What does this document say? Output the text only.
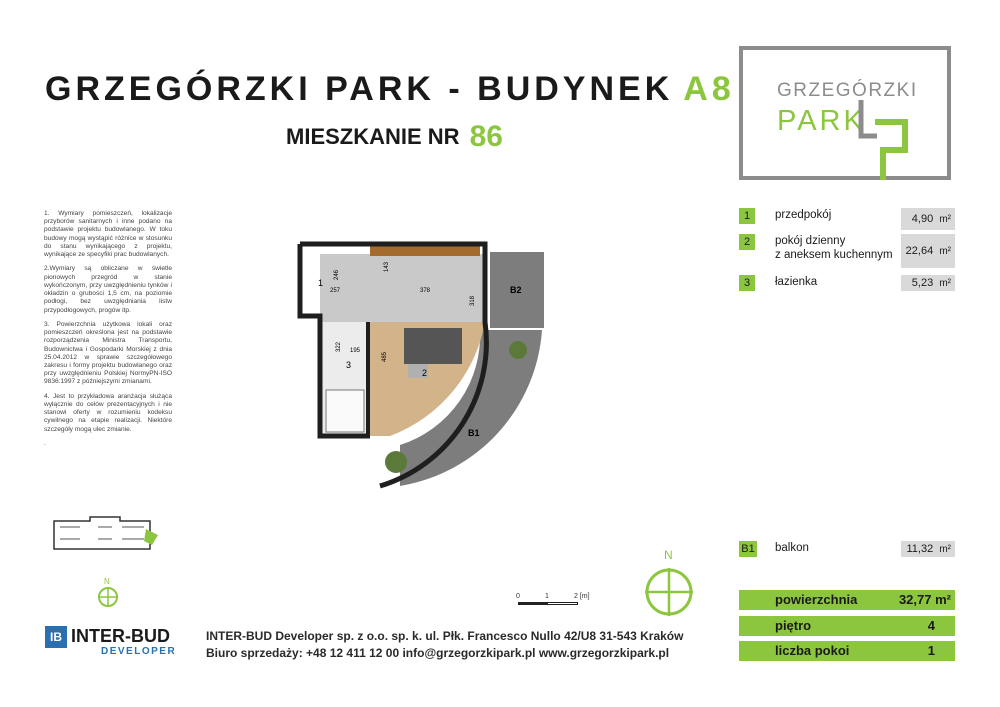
GRZEGÓRZKI PARK - BUDYNEK A8
MIESZKANIE NR 86
GRZEGÓRZKI
PARK

1. Wymiary pomieszczeń, lokalizacje przyborów sanitarnych i inne podano na podstawie projektu budowlanego. W toku budowy mogą wystąpić różnice w stosunku do stanu wynikającego z projektu, wynikające ze specyfiki prac budowlanych.

2.Wymiary są obliczane w świetle pionowych przegród w stanie wykończonym, przy uwzględnieniu tynków i okładzin o grubości 1,5 cm, na poziomie podłogi, bez uwzględniania listw przypodłogowych, progów itp.

3. Powierzchnia użytkowa lokali oraz pomieszczeń określona jest na podstawie rozporządzenia Ministra Transportu, Budownictwa i Gospodarki Morskiej z dnia 25.04.2012 w sprawie szczegółowego zakresu i formy projektu budowlanego oraz przy uwzględnieniu Polskiej NormyPN-ISO 9836:1997 z późniejszymi zmianami.

4. Jest to przykładowa aranżacja służąca wyłącznie do celów prezentacyjnych i nie stanowi oferty w rozumieniu kodeksu cywilnego na etapie realizacji. Niektóre szczegóły mogą ulec zmianie.

.

1
2
3
B1
B2
257	378
246
143
318
485
195
322
N
IB INTER-BUD
DEVELOPER
0	1	2 [m]
N
1	przedpokój	4,90 m²
2	pokój dzienny
z aneksem kuchennym	22,64 m²
3	łazienka	5,23 m²
B1 balkon	11,32 m²
powierzchnia	32,77 m²
piętro	4
liczba pokoi	1
INTER-BUD Developer sp. z o.o. sp. k. ul. Płk. Francesco Nullo 42/U8 31-543 Kraków
Biuro sprzedaży: +48 12 411 12 00 info@grzegorzkipark.pl www.grzegorzkipark.pl
